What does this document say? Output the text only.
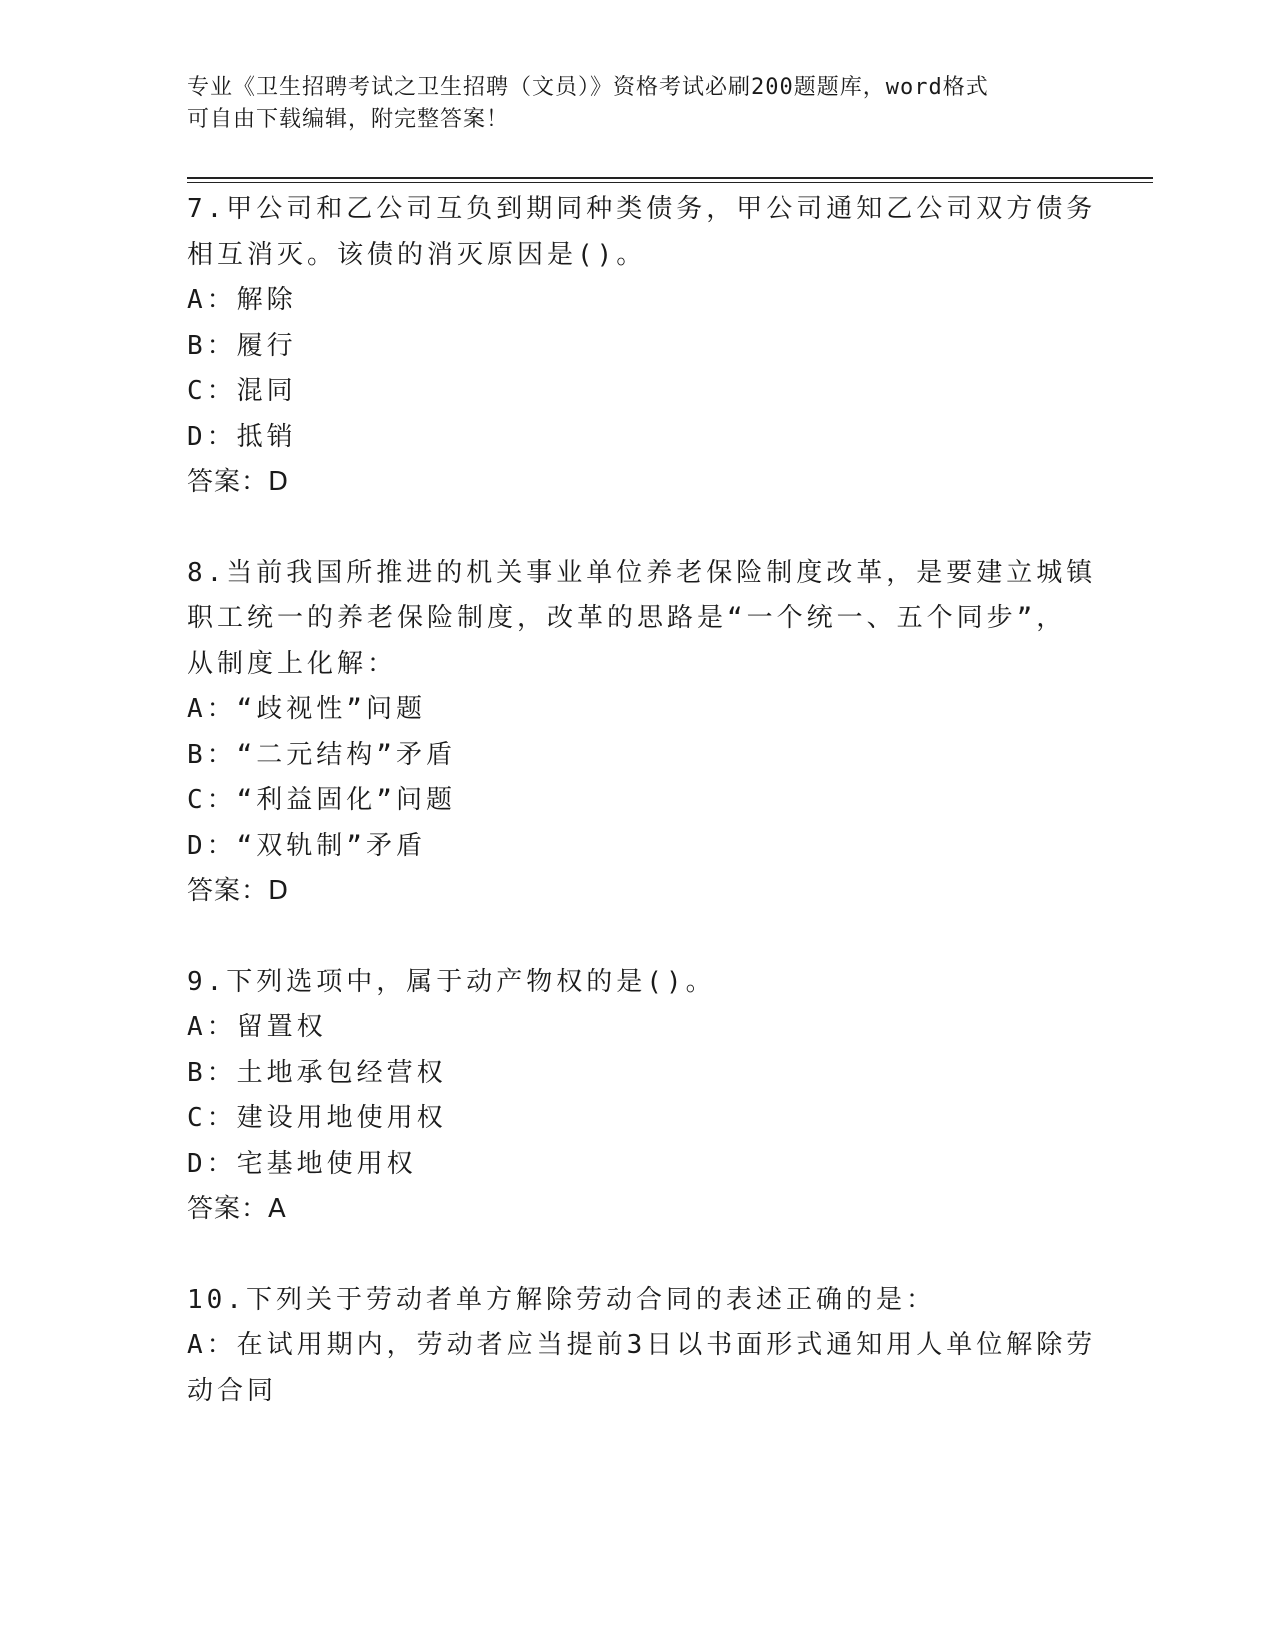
专业《卫生招聘考试之卫生招聘（文员）》资格考试必刷200题题库，word格式
可自由下载编辑，附完整答案！
7.甲公司和乙公司互负到期同种类债务，甲公司通知乙公司双方债务
相互消灭。该债的消灭原因是()。
A：解除
B：履行
C：混同
D：抵销
答案：D
8.当前我国所推进的机关事业单位养老保险制度改革，是要建立城镇
职工统一的养老保险制度，改革的思路是“一个统一、五个同步”，
从制度上化解：
A：“歧视性”问题
B：“二元结构”矛盾
C：“利益固化”问题
D：“双轨制”矛盾
答案：D
9.下列选项中，属于动产物权的是()。
A：留置权
B：土地承包经营权
C：建设用地使用权
D：宅基地使用权
答案：A
10.下列关于劳动者单方解除劳动合同的表述正确的是：
A：在试用期内，劳动者应当提前3日以书面形式通知用人单位解除劳
动合同
